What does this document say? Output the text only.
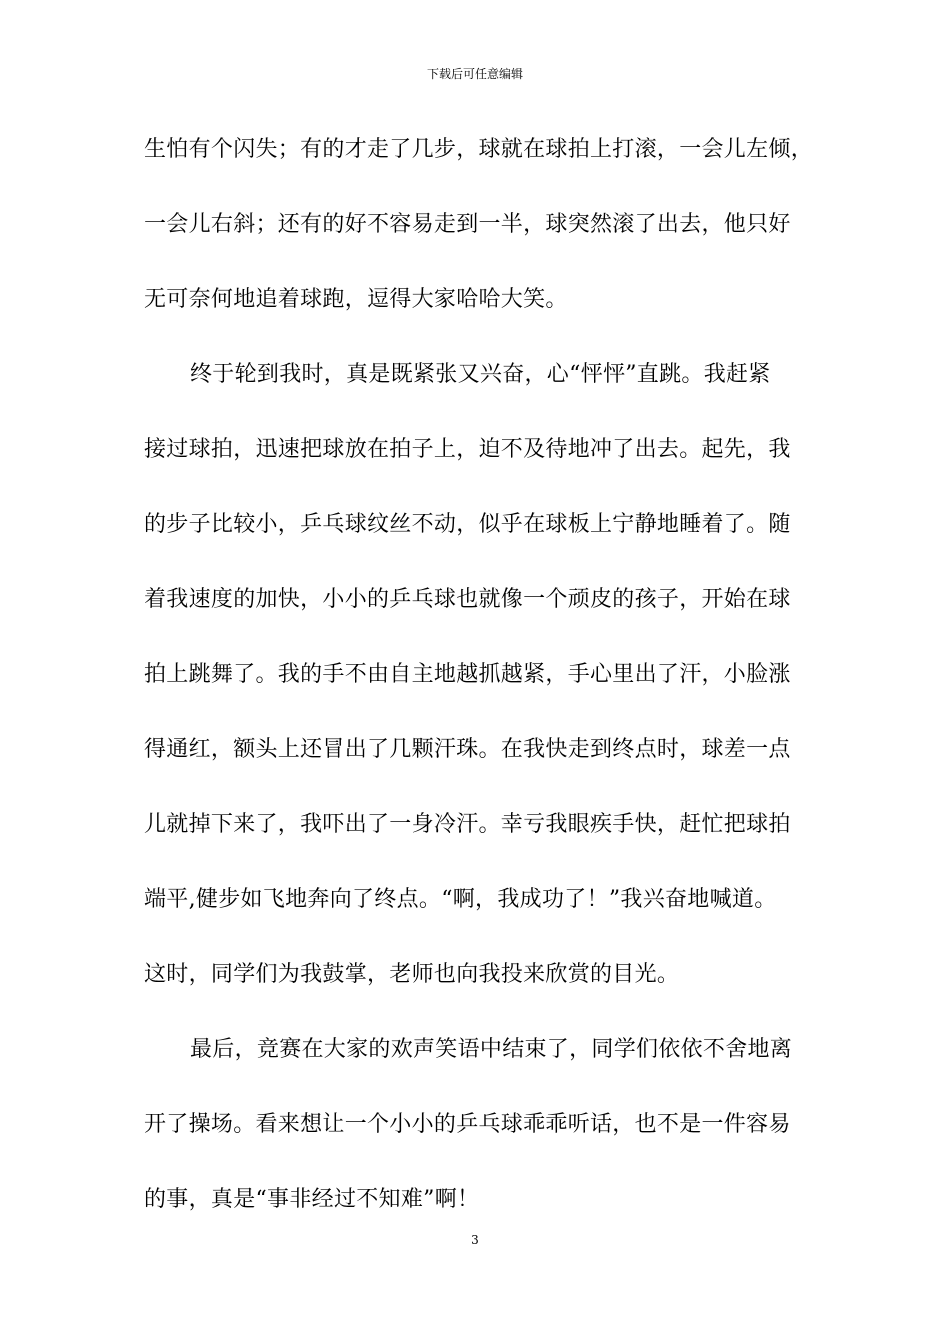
下载后可任意编辑
生怕有个闪失；有的才走了几步，球就在球拍上打滚，一会儿左倾，
一会儿右斜；还有的好不容易走到一半，球突然滚了出去，他只好
无可奈何地追着球跑，逗得大家哈哈大笑。
终于轮到我时，真是既紧张又兴奋，心“怦怦”直跳。我赶紧
接过球拍，迅速把球放在拍子上，迫不及待地冲了出去。起先，我
的步子比较小，乒乓球纹丝不动，似乎在球板上宁静地睡着了。随
着我速度的加快，小小的乒乓球也就像一个顽皮的孩子，开始在球
拍上跳舞了。我的手不由自主地越抓越紧，手心里出了汗，小脸涨
得通红，额头上还冒出了几颗汗珠。在我快走到终点时，球差一点
儿就掉下来了，我吓出了一身冷汗。幸亏我眼疾手快，赶忙把球拍
端平,健步如飞地奔向了终点。“啊，我成功了！”我兴奋地喊道。
这时，同学们为我鼓掌，老师也向我投来欣赏的目光。
最后，竞赛在大家的欢声笑语中结束了，同学们依依不舍地离
开了操场。看来想让一个小小的乒乓球乖乖听话，也不是一件容易
的事，真是“事非经过不知难”啊！
3
